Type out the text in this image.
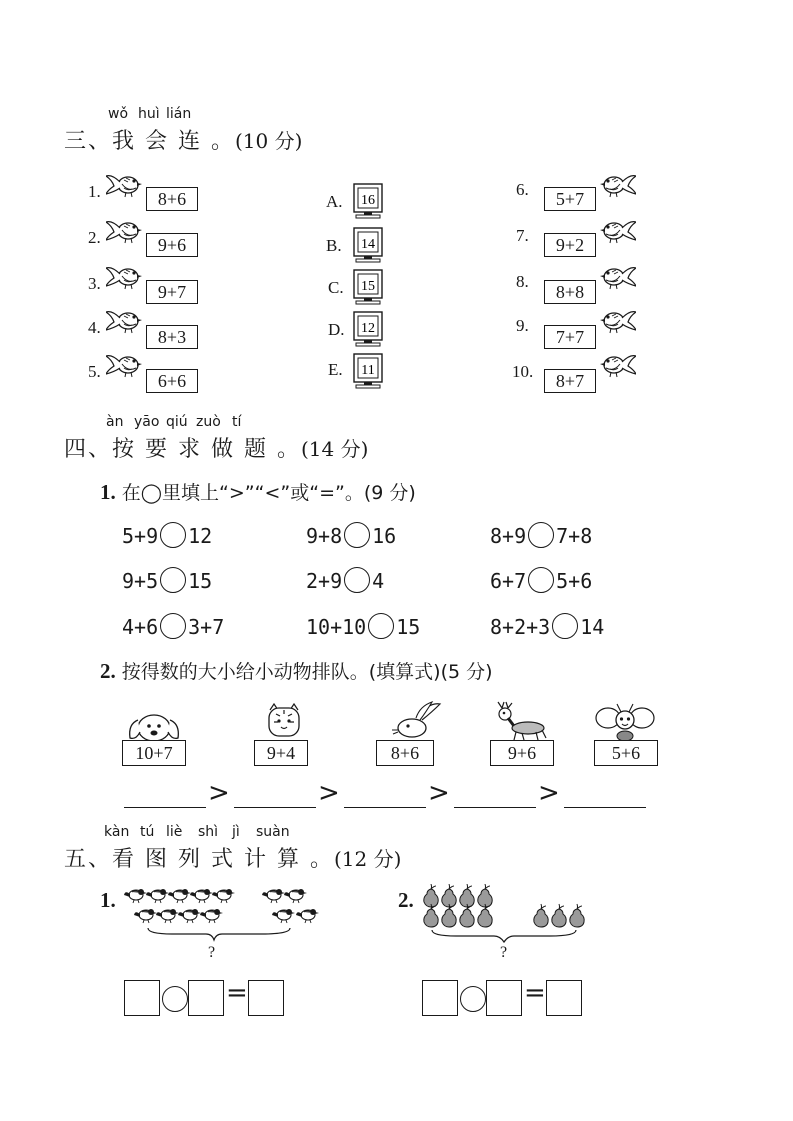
wǒ huì lián
三、我 会 连 。(10 分)
1.	8+6
2.	9+6
3.	9+7
4.	8+3
5.	6+6
A. 16
B. 14
C. 15
D. 12
E. 11
6.	5+7
7.	9+2
8.
8+8
9.
7+7
10.	8+7
àn yāo qiú zuò tí
四、按 要 求 做 题 。(14 分)
1. 在◯里填上“>”“<”或“=”。(9 分)
5+9 12	9+8 16	8+9 7+8
9+5 15	2+9 4	6+7 5+6
4+6 3+7	10+10 15	8+2+3 14
2. 按得数的大小给小动物排队。(填算式)(5 分)
10+7	9+4	8+6	9+6	5+6
>	>	>	>
kàn tú liè shì jì suàn
五、看 图 列 式 计 算 。(12 分)
1.
?
=
2.
?
=
